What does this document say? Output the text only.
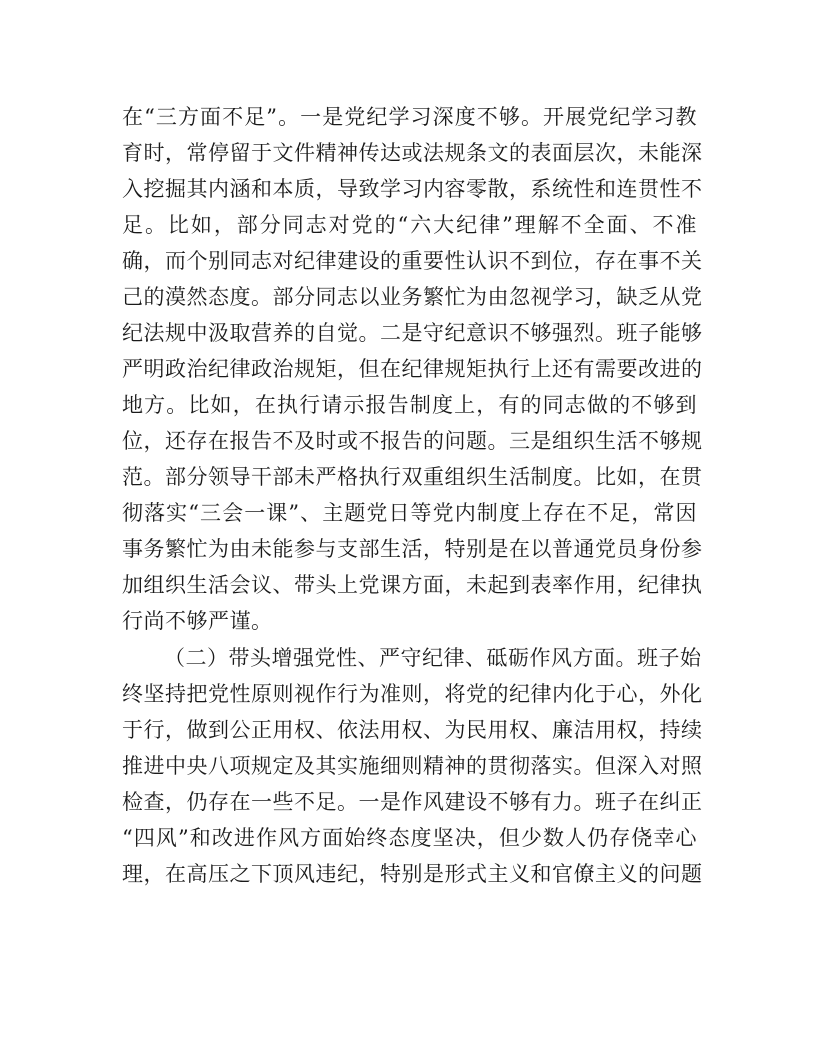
在“三方面不足”。一是党纪学习深度不够。开展党纪学习教
育时，常停留于文件精神传达或法规条文的表面层次，未能深
入挖掘其内涵和本质，导致学习内容零散，系统性和连贯性不
足。比如，部分同志对党的“六大纪律”理解不全面、不准
确，而个别同志对纪律建设的重要性认识不到位，存在事不关
己的漠然态度。部分同志以业务繁忙为由忽视学习，缺乏从党
纪法规中汲取营养的自觉。二是守纪意识不够强烈。班子能够
严明政治纪律政治规矩，但在纪律规矩执行上还有需要改进的
地方。比如，在执行请示报告制度上，有的同志做的不够到
位，还存在报告不及时或不报告的问题。三是组织生活不够规
范。部分领导干部未严格执行双重组织生活制度。比如，在贯
彻落实“三会一课”、主题党日等党内制度上存在不足，常因
事务繁忙为由未能参与支部生活，特别是在以普通党员身份参
加组织生活会议、带头上党课方面，未起到表率作用，纪律执
行尚不够严谨。
（二）带头增强党性、严守纪律、砥砺作风方面。班子始
终坚持把党性原则视作行为准则，将党的纪律内化于心，外化
于行，做到公正用权、依法用权、为民用权、廉洁用权，持续
推进中央八项规定及其实施细则精神的贯彻落实。但深入对照
检查，仍存在一些不足。一是作风建设不够有力。班子在纠正
“四风”和改进作风方面始终态度坚决，但少数人仍存侥幸心
理，在高压之下顶风违纪，特别是形式主义和官僚主义的问题
